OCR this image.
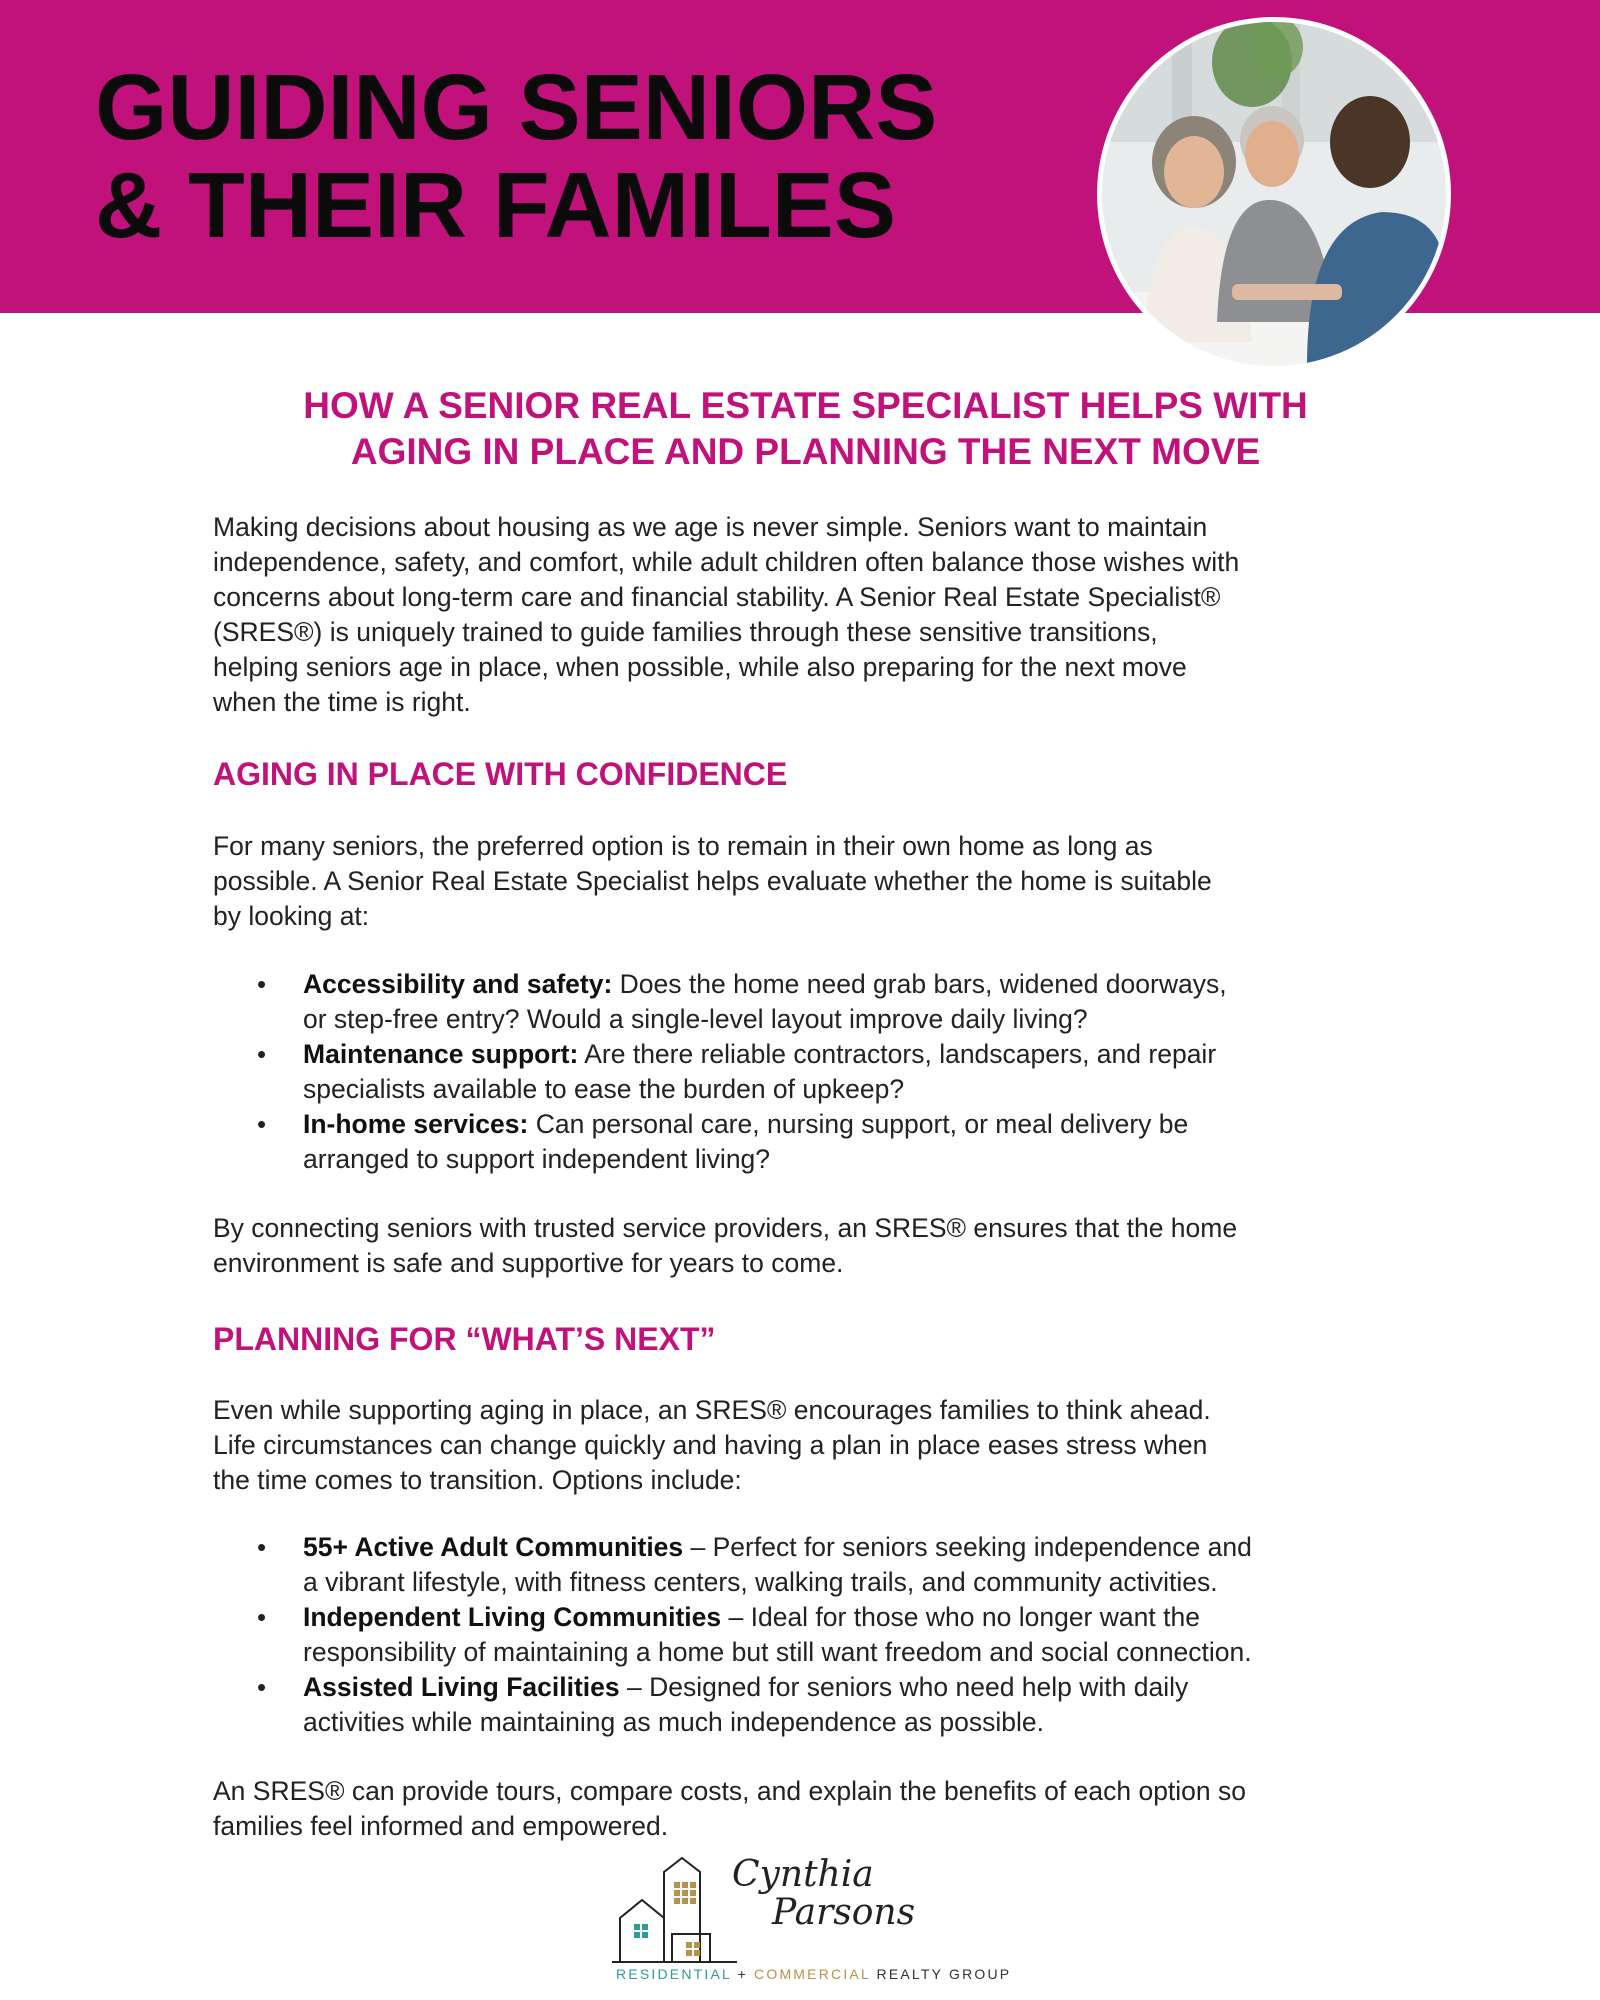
GUIDING SENIORS
& THEIR FAMILES
HOW A SENIOR REAL ESTATE SPECIALIST HELPS WITH
AGING IN PLACE AND PLANNING THE NEXT MOVE
Making decisions about housing as we age is never simple. Seniors want to maintain
independence, safety, and comfort, while adult children often balance those wishes with
concerns about long-term care and financial stability. A Senior Real Estate Specialist®
(SRES®) is uniquely trained to guide families through these sensitive transitions,
helping seniors age in place, when possible, while also preparing for the next move
when the time is right.
AGING IN PLACE WITH CONFIDENCE
For many seniors, the preferred option is to remain in their own home as long as
possible. A Senior Real Estate Specialist helps evaluate whether the home is suitable
by looking at:
• Accessibility and safety: Does the home need grab bars, widened doorways,
or step-free entry? Would a single-level layout improve daily living?
• Maintenance support: Are there reliable contractors, landscapers, and repair
specialists available to ease the burden of upkeep?
• In-home services: Can personal care, nursing support, or meal delivery be
arranged to support independent living?
By connecting seniors with trusted service providers, an SRES® ensures that the home
environment is safe and supportive for years to come.
PLANNING FOR “WHAT’S NEXT”
Even while supporting aging in place, an SRES® encourages families to think ahead.
Life circumstances can change quickly and having a plan in place eases stress when
the time comes to transition. Options include:
• 55+ Active Adult Communities – Perfect for seniors seeking independence and
a vibrant lifestyle, with fitness centers, walking trails, and community activities.
• Independent Living Communities – Ideal for those who no longer want the
responsibility of maintaining a home but still want freedom and social connection.
• Assisted Living Facilities – Designed for seniors who need help with daily
activities while maintaining as much independence as possible.
An SRES® can provide tours, compare costs, and explain the benefits of each option so
families feel informed and empowered.
Cynthia
Parsons
RESIDENTIAL + COMMERCIAL REALTY GROUP
